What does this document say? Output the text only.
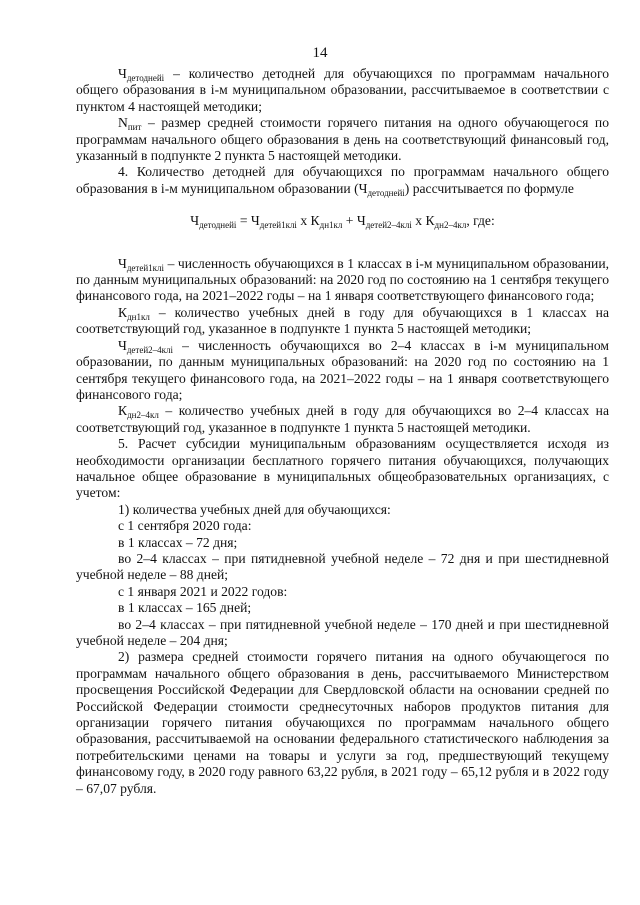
14

$Ч_{детоднейi}$ – количество детодней для обучающихся по программам начального общего образования в i-м муниципальном образовании, рассчитываемое в соответствии с пунктом 4 настоящей методики;

$N_{пит}$ – размер средней стоимости горячего питания на одного обучающегося по программам начального общего образования в день на соответствующий финансовый год, указанный в подпункте 2 пункта 5 настоящей методики.

4. Количество детодней для обучающихся по программам начального общего образования в i-м муниципальном образовании $(Ч_{детоднейi})$ рассчитывается по формуле

$Ч_{детоднейi} = Ч_{детей1клi}$ x $К_{дн1кл} + Ч_{детей2-4клi}$ x $К_{дн2-4кл}$, где:

$Ч_{детей1клi}$ – численность обучающихся в 1 классах в i-м муниципальном образовании, по данным муниципальных образований: на 2020 год по состоянию на 1 сентября текущего финансового года, на 2021–2022 годы – на 1 января соответствующего финансового года;

$К_{дн1кл}$ – количество учебных дней в году для обучающихся в 1 классах на соответствующий год, указанное в подпункте 1 пункта 5 настоящей методики;

$Ч_{детей2-4клi}$ – численность обучающихся во 2–4 классах в i-м муниципальном образовании, по данным муниципальных образований: на 2020 год по состоянию на 1 сентября текущего финансового года, на 2021–2022 годы – на 1 января соответствующего финансового года;

$К_{дн2-4кл}$ – количество учебных дней в году для обучающихся во 2–4 классах на соответствующий год, указанное в подпункте 1 пункта 5 настоящей методики.

5. Расчет субсидии муниципальным образованиям осуществляется исходя из необходимости организации бесплатного горячего питания обучающихся, получающих начальное общее образование в муниципальных общеобразовательных организациях, с учетом:

1) количества учебных дней для обучающихся:

с 1 сентября 2020 года:

в 1 классах – 72 дня;

во 2–4 классах – при пятидневной учебной неделе – 72 дня и при шестидневной учебной неделе – 88 дней;

с 1 января 2021 и 2022 годов:

в 1 классах – 165 дней;

во 2–4 классах – при пятидневной учебной неделе – 170 дней и при шестидневной учебной неделе – 204 дня;

2) размера средней стоимости горячего питания на одного обучающегося по программам начального общего образования в день, рассчитываемого Министерством просвещения Российской Федерации для Свердловской области на основании средней по Российской Федерации стоимости среднесуточных наборов продуктов питания для организации горячего питания обучающихся по программам начального общего образования, рассчитываемой на основании федерального статистического наблюдения за потребительскими ценами на товары и услуги за год, предшествующий текущему финансовому году, в 2020 году равного 63,22 рубля, в 2021 году – 65,12 рубля и в 2022 году – 67,07 рубля.
